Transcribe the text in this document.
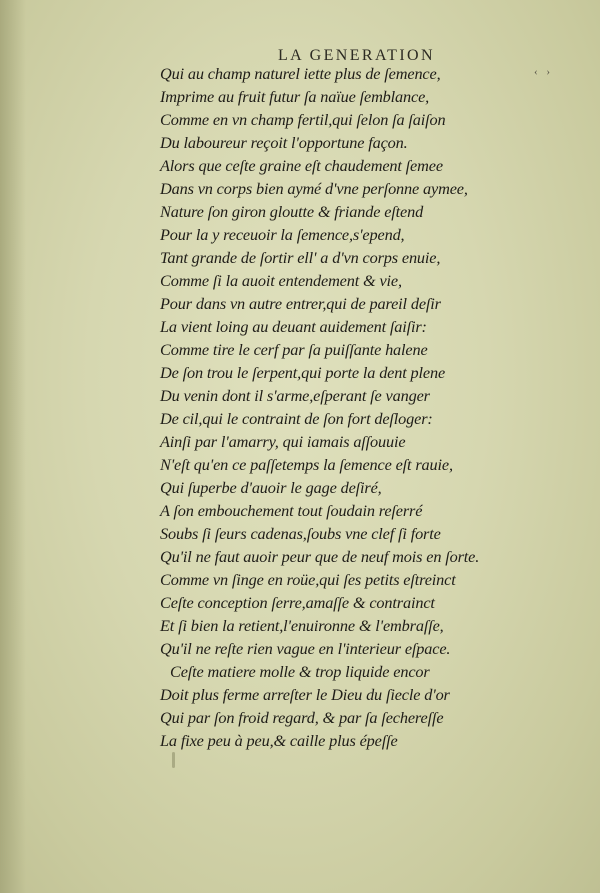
LA GENERATION
‹ ›
Qui au champ naturel iette plus de ſemence,
Imprime au fruit futur ſa naïue ſemblance,
Comme en vn champ fertil,qui ſelon ſa ſaiſon
Du laboureur reçoit l'opportune façon.
Alors que ceſte graine eſt chaudement ſemee
Dans vn corps bien aymé d'vne perſonne aymee,
Nature ſon giron gloutte & friande eſtend
Pour la y receuoir la ſemence,s'epend,
Tant grande de ſortir ell' a d'vn corps enuie,
Comme ſi la auoit entendement & vie,
Pour dans vn autre entrer,qui de pareil deſir
La vient loing au deuant auidement ſaiſir:
Comme tire le cerf par ſa puiſſante halene
De ſon trou le ſerpent,qui porte la dent plene
Du venin dont il s'arme,eſperant ſe vanger
De cil,qui le contraint de ſon fort deſloger:
Ainſi par l'amarry, qui iamais aſſouuie
N'eſt qu'en ce paſſetemps la ſemence eſt rauie,
Qui ſuperbe d'auoir le gage deſiré,
A ſon embouchement tout ſoudain reſerré
Soubs ſi ſeurs cadenas,ſoubs vne clef ſi forte
Qu'il ne faut auoir peur que de neuf mois en ſorte.
Comme vn ſinge en roüe,qui ſes petits eſtreinct
Ceſte conception ſerre,amaſſe & contrainct
Et ſi bien la retient,l'enuironne & l'embraſſe,
Qu'il ne reſte rien vague en l'interieur eſpace.
Ceſte matiere molle & trop liquide encor
Doit plus ferme arreſter le Dieu du ſiecle d'or
Qui par ſon froid regard, & par ſa ſechereſſe
La fixe peu à peu,& caille plus épeſſe
